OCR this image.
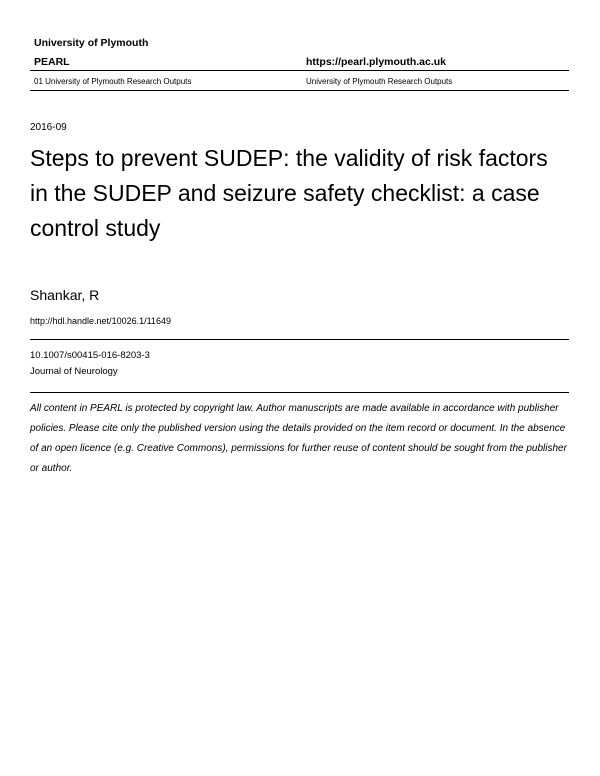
University of Plymouth
PEARL	https://pearl.plymouth.ac.uk
01 University of Plymouth Research Outputs	University of Plymouth Research Outputs
2016-09
Steps to prevent SUDEP: the validity of risk factors in the SUDEP and seizure safety checklist: a case control study
Shankar, R
http://hdl.handle.net/10026.1/11649
10.1007/s00415-016-8203-3
Journal of Neurology
All content in PEARL is protected by copyright law. Author manuscripts are made available in accordance with publisher policies. Please cite only the published version using the details provided on the item record or document. In the absence of an open licence (e.g. Creative Commons), permissions for further reuse of content should be sought from the publisher or author.
